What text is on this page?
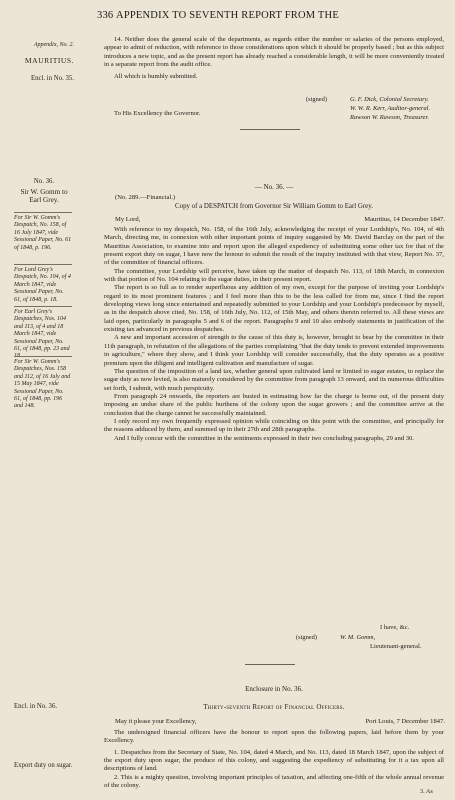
336 APPENDIX TO SEVENTH REPORT FROM THE
Appendix, No. 2.
MAURITIUS.
Encl. in No. 35.
No. 36.
Sir W. Gomm to Earl Grey.
For Sir W. Gomm's Despatch, No. 158, of 16 July 1847, vide Sessional Paper, No. 61 of 1848, p. 196.
For Lord Grey's Despatch, No. 104, of 4 March 1847, vide Sessional Paper, No. 61, of 1848, p. 18.
For Earl Grey's Despatches, Nos. 104 and 113, of 4 and 18 March 1847, vide Sessional Paper, No. 61, of 1848, pp. 23 and 18.
For Sir W. Gomm's Despatches, Nos. 158 and 112, of 16 July and 15 May 1847, vide Sessional Paper, No. 61, of 1848, pp. 196 and 148.
Encl. in No. 36.
Export duty on sugar.

14. Neither does the general scale of the departments, as regards either the number or salaries of the persons employed, appear to admit of reduction, with reference to those considerations upon which it should be properly based ; but as this subject introduces a new topic, and as the present report has already reached a considerable length, it will be more conveniently treated in a separate report from the audit office.

All which is humbly submitted.

(signed)	G. F. Dick, Colonial Secretary.
W. W. R. Kerr, Auditor-general.
Rawson W. Rawson, Treasurer.
To His Excellency the Governor.
— No. 36. —
(No. 289.—Financial.)
Copy of a DESPATCH from Governor Sir William Gomm to Earl Grey.
My Lord,	Mauritius, 14 December 1847.

With reference to my despatch, No. 158, of the 16th July, acknowledging the receipt of your Lordship's, No. 104, of 4th March, directing me, in connexion with other important points of inquiry suggested by Mr. David Barclay on the part of the Mauritius Association, to examine into and report upon the alleged expediency of substituting some other tax for that of the present export duty on sugar, I have now the honour to submit the result of the inquiry instituted with that view, Report No. 37, of the committee of financial officers.

The committee, your Lordship will perceive, have taken up the matter of despatch No. 113, of 18th March, in connexion with that portion of No. 104 relating to the sugar duties, in their present report.

The report is so full as to render superfluous any addition of my own, except for the purpose of inviting your Lordship's regard to its most prominent features ; and I feel more than this to be the less called for from me, since I find the report developing views long since entertained and repeatedly submitted to your Lordship and your Lordship's predecessor by myself, as in the despatch above cited, No. 158, of 16th July, No. 112, of 15th May, and others therein referred to. All these views are laid open, particularly in paragraphs 5 and 6 of the report. Paragraphs 9 and 10 also embody statements in justification of the existing tax advanced in previous despatches.

A new and important accession of strength to the cause of this duty is, however, brought to bear by the committee in their 11th paragraph, in refutation of the allegations of the parties complaining "that the duty tends to prevent extended improvements in agriculture," where they show, and I think your Lordship will consider successfully, that the duty operates as a positive premium upon the diligent and intelligent cultivation and manufacture of sugar.

The question of the imposition of a land tax, whether general upon cultivated land or limited to sugar estates, to replace the sugar duty as now levied, is also maturely considered by the committee from paragraph 13 onward, and its numerous difficulties set forth, I submit, with much perspicuity.

From paragraph 24 onwards, the reporters are busied in estimating how far the charge is borne out, of the present duty imposing an undue share of the public burthens of the colony upon the sugar growers ; and the committee arrive at the conclusion that the charge cannot be successfully maintained.

I only record my own frequently expressed opinion while coinciding on this point with the committee, and principally for the reasons adduced by them, and summed up in their 27th and 28th paragraphs.

And I fully concur with the committee in the sentiments expressed in their two concluding paragraphs, 29 and 30.

I have, &c.
(signed)	W. M. Gomm,
Lieutenant-general.
Enclosure in No. 36.
Thirty-seventh Report of Financial Officers.
May it please your Excellency,	Port Louis, 7 December 1847.

The undersigned financial officers have the honour to report upon the following papers, laid before them by your Excellency.

1. Despatches from the Secretary of State, No. 104, dated 4 March, and No. 113, dated 18 March 1847, upon the subject of the export duty upon sugar, the produce of this colony, and suggesting the expediency of substituting for it a tax upon all descriptions of land.

2. This is a mighty question, involving important principles of taxation, and affecting one-fifth of the whole annual revenue of the colony.

3. As
